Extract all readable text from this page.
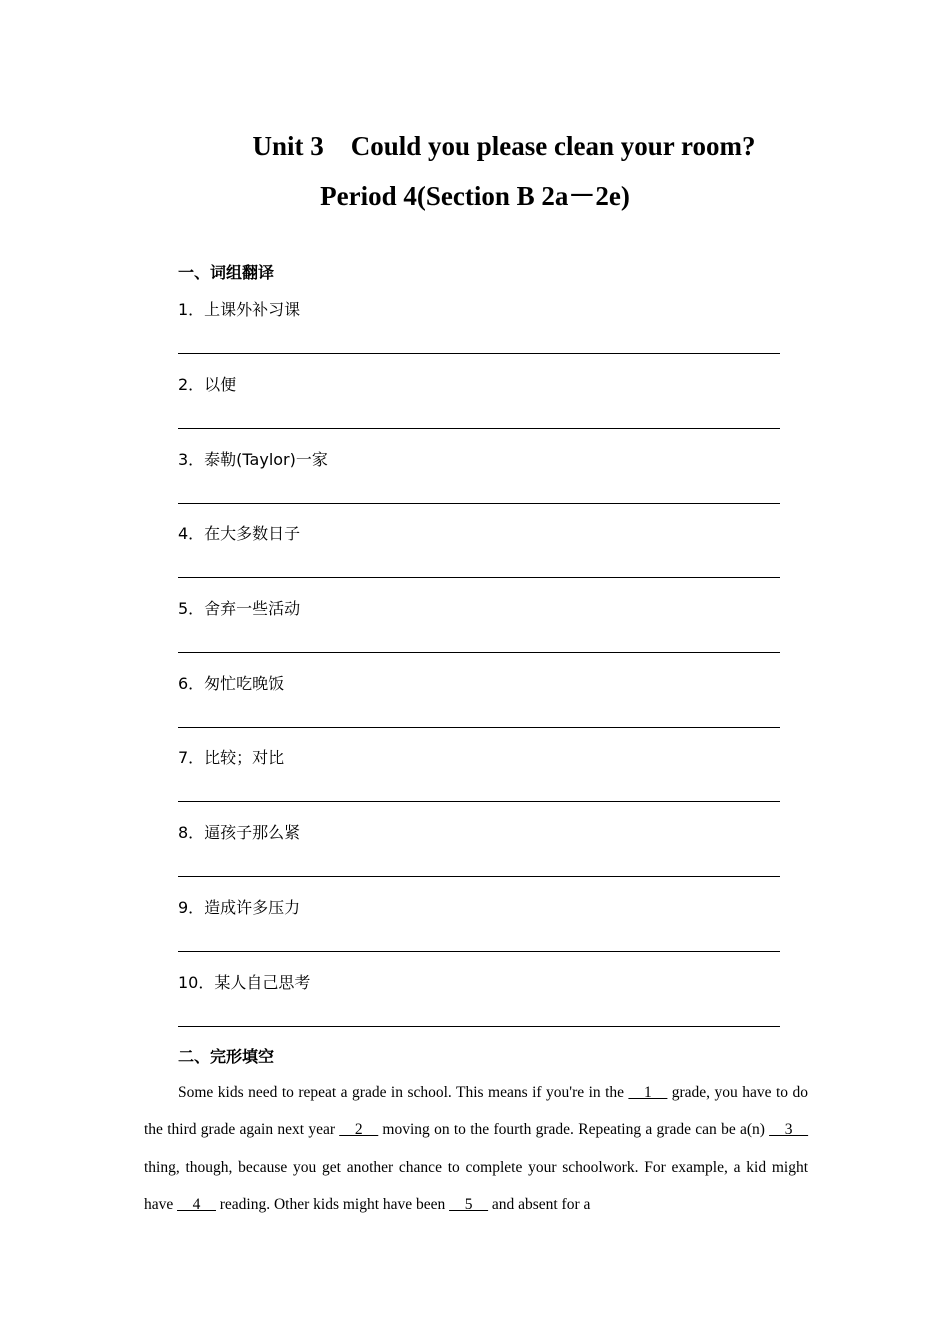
Unit 3　Could you please clean your room?
Period 4(Section B 2a－2e)
一、词组翻译
1．上课外补习课
2．以便
3．泰勒(Taylor)一家
4．在大多数日子
5．舍弃一些活动
6．匆忙吃晚饭
7．比较；对比
8．逼孩子那么紧
9．造成许多压力
10．某人自己思考
二、完形填空
Some kids need to repeat a grade in school. This means if you're in the __1__ grade, you have to do the third grade again next year __2__ moving on to the fourth grade. Repeating a grade can be a(n) __3__ thing, though, because you get another chance to complete your schoolwork. For example, a kid might have __4__ reading. Other kids might have been __5__ and absent for a
